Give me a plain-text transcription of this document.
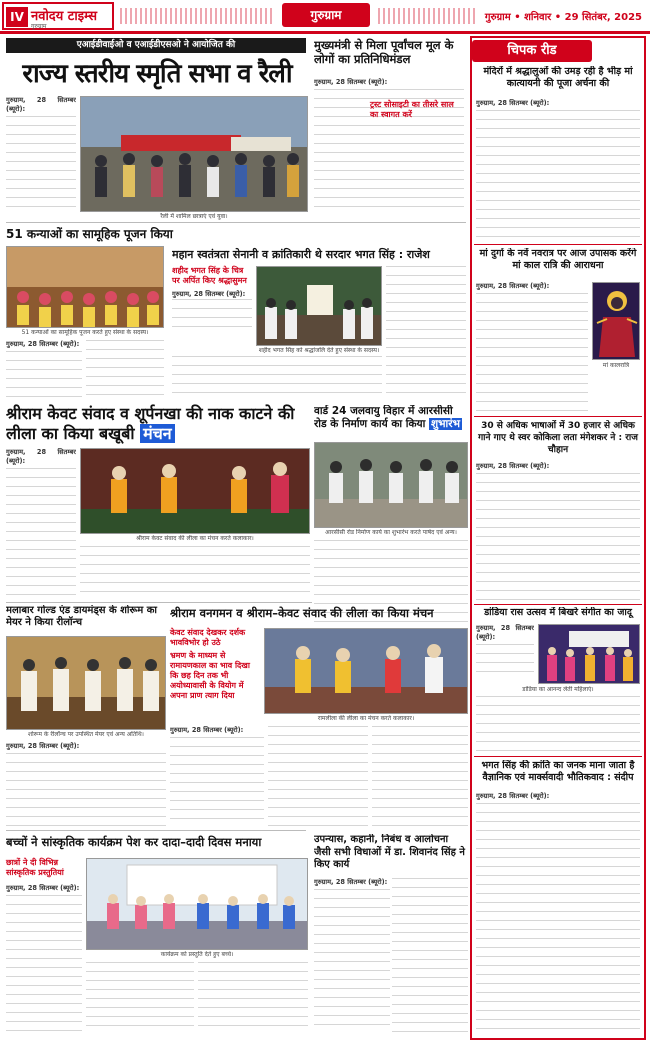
IV नवोदय टाइम्स
गुरुग्राम
गुरुग्राम	गुरुग्राम • शनिवार • 29 सितंबर, 2025
एआईडीवाईओ व एआईडीएसओ ने आयोजित की
राज्य स्तरीय स्मृति सभा व रैली
गुरुग्राम, 28 सितम्बर (ब्यूरो):
रैली में शामिल छात्राएं एवं युवा।
मुख्यमंत्री से मिला पूर्वांचल मूल के लोगों का प्रतिनिधिमंडल
गुरुग्राम, 28 सितम्बर (ब्यूरो):
ट्रस्ट सोसाइटी का तीसरे साल का स्वागत करें
51 कन्याओं का सामूहिक पूजन किया
51 कन्याओं का सामूहिक पूजन करते हुए संस्था के सदस्य।
गुरुग्राम, 28 सितम्बर (ब्यूरो):
महान स्वतंत्रता सेनानी व क्रांतिकारी थे सरदार भगत सिंह : राजेश
शहीद भगत सिंह के चित्र पर अर्पित किए श्रद्धासुमन
गुरुग्राम, 28 सितम्बर (ब्यूरो):
शहीद भगत सिंह को श्रद्धांजलि देते हुए संस्था के सदस्य।
वार्ड 24 जलवायु विहार में आरसीसी रोड के निर्माण कार्य का किया शुभारंभ
आरसीसी रोड निर्माण कार्य का शुभारंभ करते पार्षद एवं अन्य।
श्रीराम केवट संवाद व शूर्पनखा की नाक काटने की लीला का किया बखूबी मंचन
गुरुग्राम, 28 सितम्बर (ब्यूरो):
श्रीराम केवट संवाद की लीला का मंचन करते कलाकार।
मलाबार गोल्ड एंड डायमंड्स के शोरूम का मेयर ने किया रीलॉन्च
शोरूम के रीलॉन्च पर उपस्थित मेयर एवं अन्य अतिथि।
गुरुग्राम, 28 सितम्बर (ब्यूरो):
श्रीराम वनगमन व श्रीराम–केवट संवाद की लीला का किया मंचन
केवट संवाद देखकर दर्शक भावविभोर हो उठे
भ्रमण के माध्यम से रामायणकाल का भाव दिखा कि छह दिन तक भी अयोध्यावासी के वियोग में अपना प्राण त्याग दिया
रामलीला की लीला का मंचन करते कलाकार।
गुरुग्राम, 28 सितम्बर (ब्यूरो):
बच्चों ने सांस्कृतिक कार्यक्रम पेश कर दादा–दादी दिवस मनाया
छात्रों ने दी विभिन्न सांस्कृतिक प्रस्तुतियां
गुरुग्राम, 28 सितम्बर (ब्यूरो):
कार्यक्रम को प्रस्तुति देते हुए बच्चे।
उपन्यास, कहानी, निबंध व आलोचना जैसी सभी विधाओं में डा. शिवानंद सिंह ने किए कार्य
गुरुग्राम, 28 सितम्बर (ब्यूरो):
चिपक रीड
मंदिरों में श्रद्धालुओं की उमड़ रही है भीड़ मां कात्यायनी की पूजा अर्चना की
गुरुग्राम, 28 सितम्बर (ब्यूरो):
मां दुर्गा के नवें नवरात्र पर आज उपासक करेंगे मां काल रात्रि की आराधना
गुरुग्राम, 28 सितम्बर (ब्यूरो):
मां कालरात्रि
30 से अधिक भाषाओं में 30 हजार से अधिक गाने गाए थे स्वर कोकिला लता मंगेशकर ने : राज चौहान
गुरुग्राम, 28 सितम्बर (ब्यूरो):
डांडिया रास उत्सव में बिखरे संगीत का जादू
गुरुग्राम, 28 सितम्बर (ब्यूरो):
डांडिया का आनन्द लेती महिलाएं।
भगत सिंह की क्रांति का जनक माना जाता है वैज्ञानिक एवं मार्क्सवादी भौतिकवाद : संदीप
गुरुग्राम, 28 सितम्बर (ब्यूरो):
